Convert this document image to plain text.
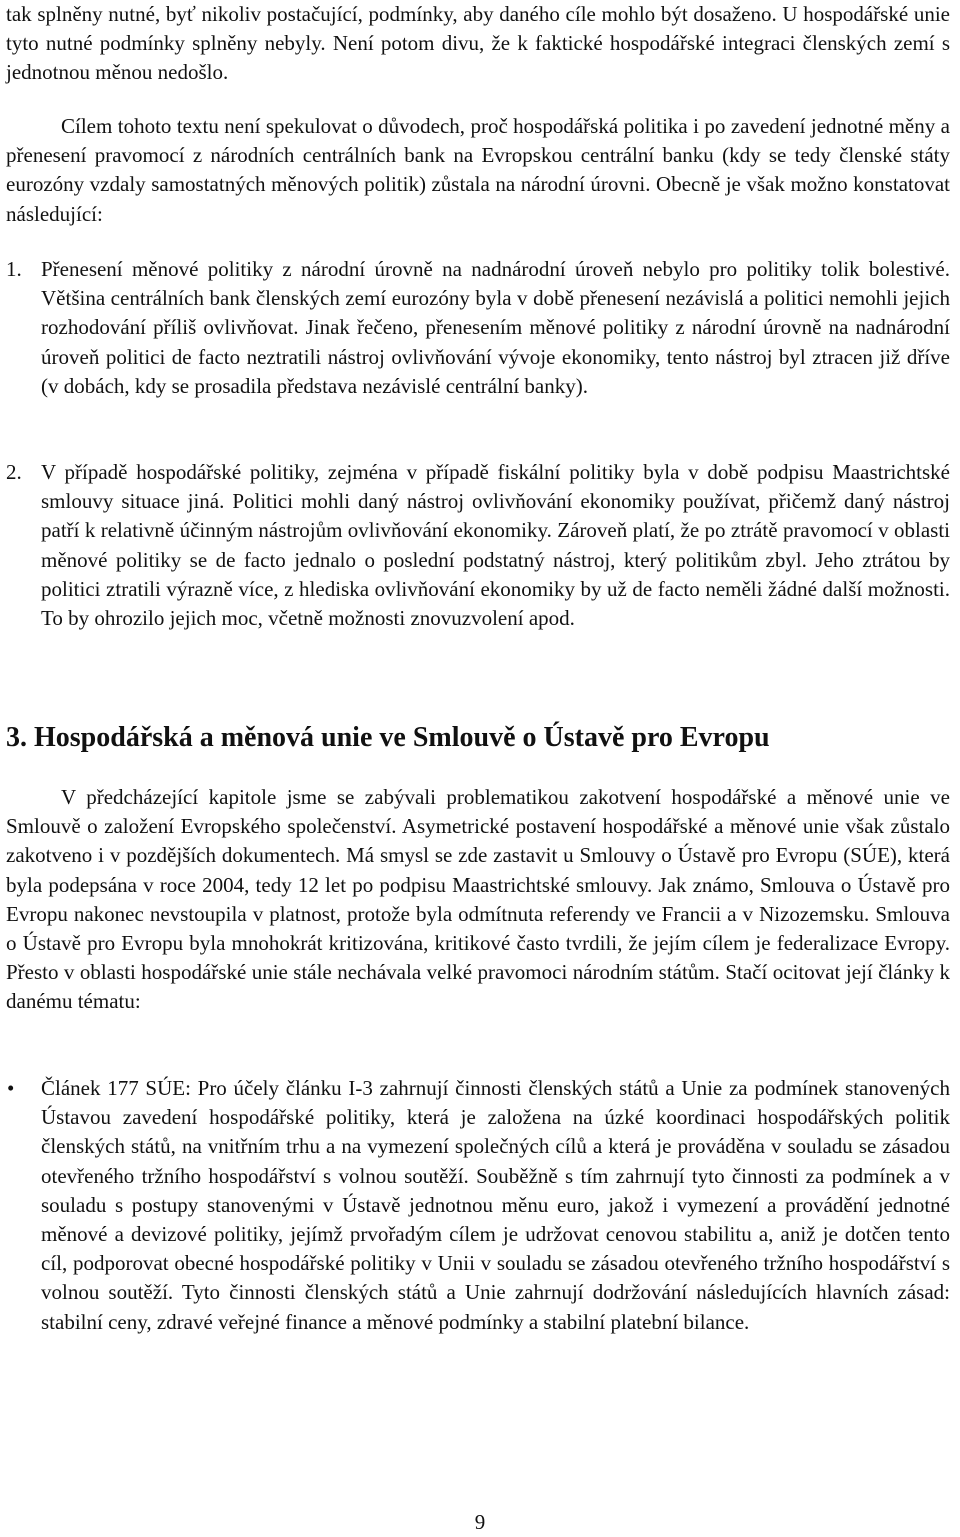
tak splněny nutné, byť nikoliv postačující, podmínky, aby daného cíle mohlo být dosaženo. U hospodářské unie tyto nutné podmínky splněny nebyly. Není potom divu, že k faktické hospodářské integraci členských zemí s jednotnou měnou nedošlo.

Cílem tohoto textu není spekulovat o důvodech, proč hospodářská politika i po zavedení jednotné měny a přenesení pravomocí z národních centrálních bank na Evropskou centrální banku (kdy se tedy členské státy eurozóny vzdaly samostatných měnových politik) zůstala na národní úrovni. Obecně je však možno konstatovat následující:

1. Přenesení měnové politiky z národní úrovně na nadnárodní úroveň nebylo pro politiky tolik bolestivé. Většina centrálních bank členských zemí eurozóny byla v době přenesení nezávislá a politici nemohli jejich rozhodování příliš ovlivňovat. Jinak řečeno, přenesením měnové politiky z národní úrovně na nadnárodní úroveň politici de facto neztratili nástroj ovlivňování vývoje ekonomiky, tento nástroj byl ztracen již dříve (v dobách, kdy se prosadila představa nezávislé centrální banky).

2. V případě hospodářské politiky, zejména v případě fiskální politiky byla v době podpisu Maastrichtské smlouvy situace jiná. Politici mohli daný nástroj ovlivňování ekonomiky používat, přičemž daný nástroj patří k relativně účinným nástrojům ovlivňování ekonomiky. Zároveň platí, že po ztrátě pravomocí v oblasti měnové politiky se de facto jednalo o poslední podstatný nástroj, který politikům zbyl. Jeho ztrátou by politici ztratili výrazně více, z hlediska ovlivňování ekonomiky by už de facto neměli žádné další možnosti. To by ohrozilo jejich moc, včetně možnosti znovuzvolení apod.

3. Hospodářská a měnová unie ve Smlouvě o Ústavě pro Evropu

V předcházející kapitole jsme se zabývali problematikou zakotvení hospodářské a měnové unie ve Smlouvě o založení Evropského společenství. Asymetrické postavení hospodářské a měnové unie však zůstalo zakotveno i v pozdějších dokumentech. Má smysl se zde zastavit u Smlouvy o Ústavě pro Evropu (SÚE), která byla podepsána v roce 2004, tedy 12 let po podpisu Maastrichtské smlouvy. Jak známo, Smlouva o Ústavě pro Evropu nakonec nevstoupila v platnost, protože byla odmítnuta referendy ve Francii a v Nizozemsku. Smlouva o Ústavě pro Evropu byla mnohokrát kritizována, kritikové často tvrdili, že jejím cílem je federalizace Evropy. Přesto v oblasti hospodářské unie stále nechávala velké pravomoci národním státům. Stačí ocitovat její články k danému tématu:

• Článek 177 SÚE: Pro účely článku I-3 zahrnují činnosti členských států a Unie za podmínek stanovených Ústavou zavedení hospodářské politiky, která je založena na úzké koordinaci hospodářských politik členských států, na vnitřním trhu a na vymezení společných cílů a která je prováděna v souladu se zásadou otevřeného tržního hospodářství s volnou soutěží. Souběžně s tím zahrnují tyto činnosti za podmínek a v souladu s postupy stanovenými v Ústavě jednotnou měnu euro, jakož i vymezení a provádění jednotné měnové a devizové politiky, jejímž prvořadým cílem je udržovat cenovou stabilitu a, aniž je dotčen tento cíl, podporovat obecné hospodářské politiky v Unii v souladu se zásadou otevřeného tržního hospodářství s volnou soutěží. Tyto činnosti členských států a Unie zahrnují dodržování následujících hlavních zásad: stabilní ceny, zdravé veřejné finance a měnové podmínky a stabilní platební bilance.

9
